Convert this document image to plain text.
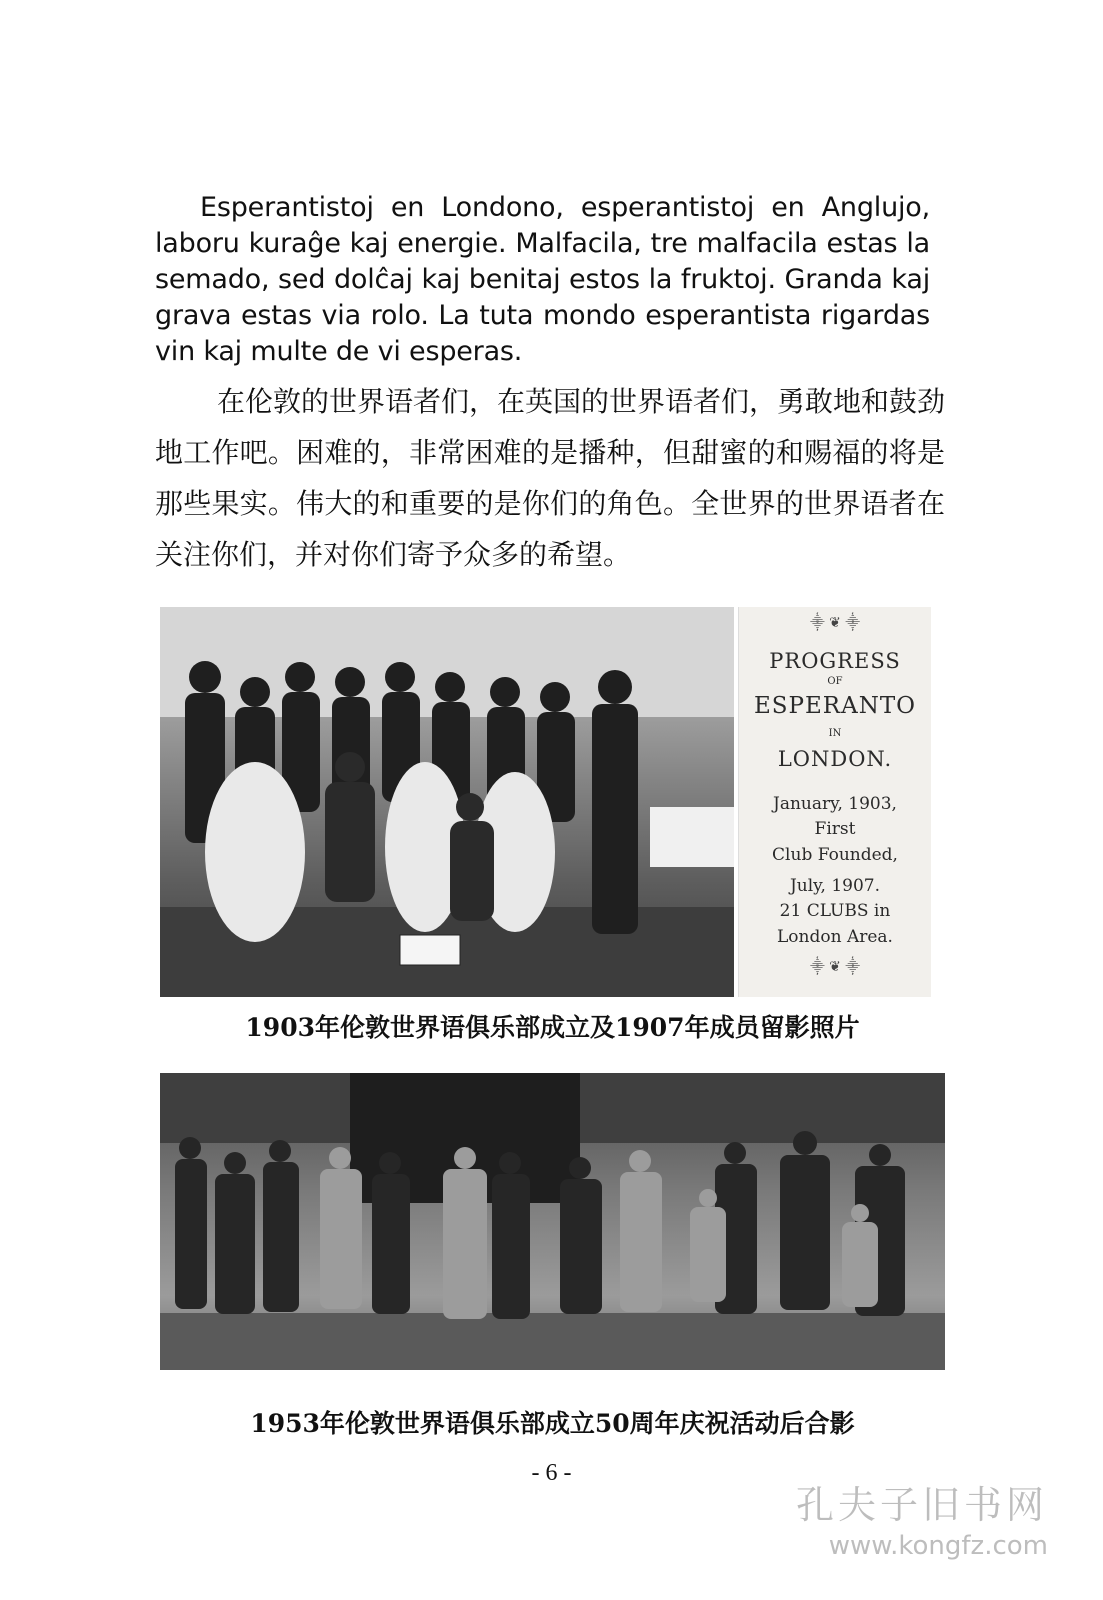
Esperantistoj en Londono, esperantistoj en Anglujo, laboru kuraĝe kaj energie. Malfacila, tre malfacila estas la semado, sed dolĉaj kaj benitaj estos la fruktoj. Granda kaj grava estas via rolo. La tuta mondo esperantista rigardas vin kaj multe de vi esperas.

在伦敦的世界语者们，在英国的世界语者们，勇敢地和鼓劲地工作吧。困难的，非常困难的是播种，但甜蜜的和赐福的将是那些果实。伟大的和重要的是你们的角色。全世界的世界语者在关注你们，并对你们寄予众多的希望。

⸎ ❦ ⸎
PROGRESS
OF
ESPERANTO
IN
LONDON.
January, 1903,
First
Club Founded,
July, 1907.
21 CLUBS in
London Area.
⸎ ❦ ⸎
1903年伦敦世界语俱乐部成立及1907年成员留影照片
1953年伦敦世界语俱乐部成立50周年庆祝活动后合影
- 6 -
孔夫子旧书网
www.kongfz.com
